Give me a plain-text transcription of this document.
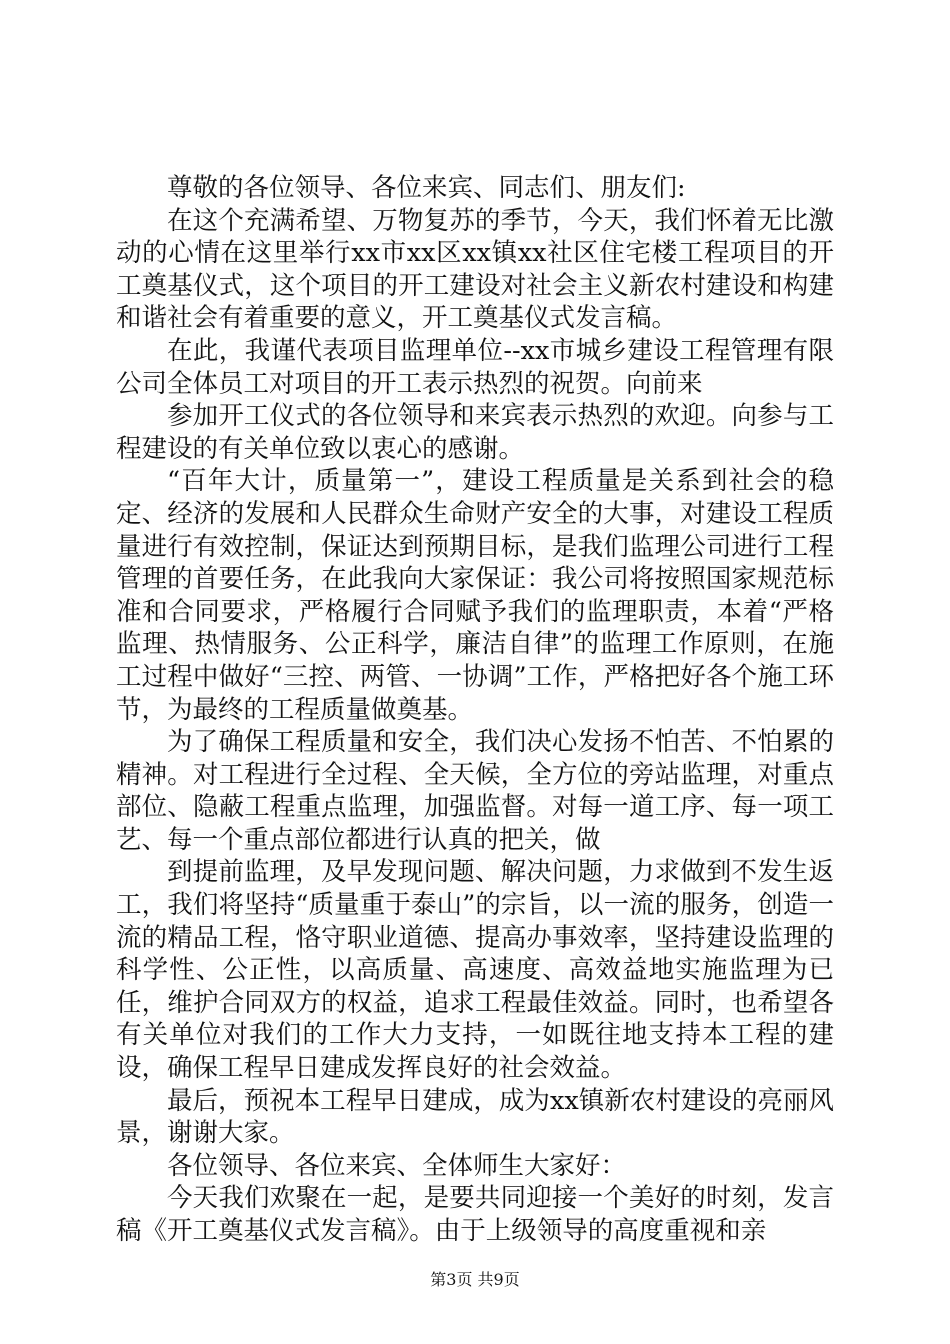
尊敬的各位领导、各位来宾、同志们、朋友们:

在这个充满希望、万物复苏的季节，今天，我们怀着无比激动的心情在这里举行xx市xx区xx镇xx社区住宅楼工程项目的开工奠基仪式，这个项目的开工建设对社会主义新农村建设和构建和谐社会有着重要的意义，开工奠基仪式发言稿。

在此，我谨代表项目监理单位--xx市城乡建设工程管理有限公司全体员工对项目的开工表示热烈的祝贺。向前来

参加开工仪式的各位领导和来宾表示热烈的欢迎。向参与工程建设的有关单位致以衷心的感谢。

“百年大计，质量第一”，建设工程质量是关系到社会的稳定、经济的发展和人民群众生命财产安全的大事，对建设工程质量进行有效控制，保证达到预期目标，是我们监理公司进行工程管理的首要任务，在此我向大家保证：我公司将按照国家规范标准和合同要求，严格履行合同赋予我们的监理职责，本着“严格监理、热情服务、公正科学，廉洁自律”的监理工作原则，在施工过程中做好“三控、两管、一协调”工作，严格把好各个施工环节，为最终的工程质量做奠基。

为了确保工程质量和安全，我们决心发扬不怕苦、不怕累的精神。对工程进行全过程、全天候，全方位的旁站监理，对重点部位、隐蔽工程重点监理，加强监督。对每一道工序、每一项工艺、每一个重点部位都进行认真的把关，做

到提前监理，及早发现问题、解决问题，力求做到不发生返工，我们将坚持“质量重于泰山”的宗旨，以一流的服务，创造一流的精品工程，恪守职业道德、提高办事效率，坚持建设监理的科学性、公正性，以高质量、高速度、高效益地实施监理为已任，维护合同双方的权益，追求工程最佳效益。同时，也希望各有关单位对我们的工作大力支持，一如既往地支持本工程的建设，确保工程早日建成发挥良好的社会效益。

最后，预祝本工程早日建成，成为xx镇新农村建设的亮丽风景，谢谢大家。

各位领导、各位来宾、全体师生大家好：

今天我们欢聚在一起，是要共同迎接一个美好的时刻，发言稿《开工奠基仪式发言稿》。由于上级领导的高度重视和亲

第3页 共9页
